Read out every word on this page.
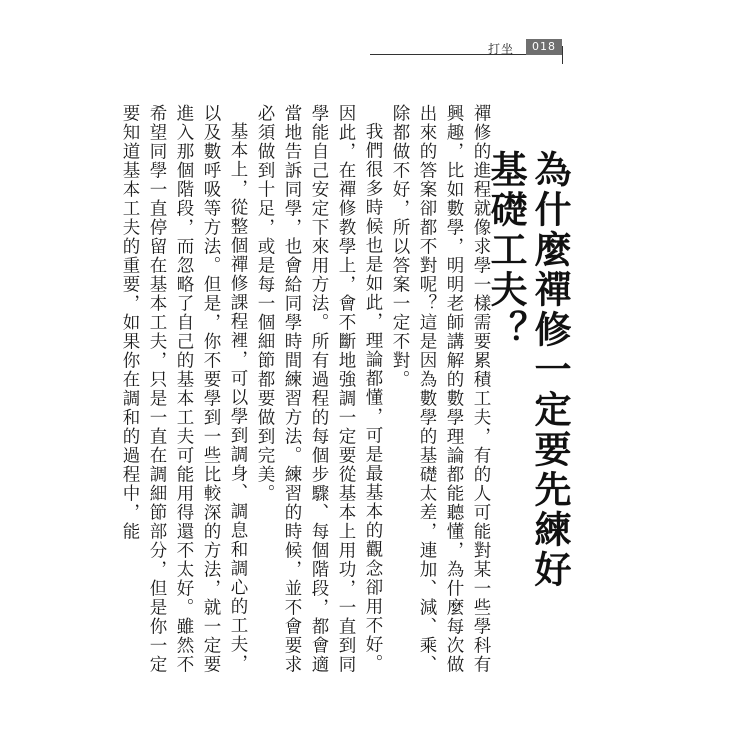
打坐	018
為什麼禪修一定要先練好基礎工夫？

禪修的進程就像求學一樣需要累積工夫，有的人可能對某一些學科有興趣，比如數學，明明老師講解的數學理論都能聽懂，為什麼每次做出來的答案卻都不對呢？這是因為數學的基礎太差，連加、減、乘、除都做不好，所以答案一定不對。

我們很多時候也是如此，理論都懂，可是最基本的觀念卻用不好。因此，在禪修教學上，會不斷地強調一定要從基本上用功，一直到同學能自己安定下來用方法。所有過程的每個步驟、每個階段，都會適當地告訴同學，也會給同學時間練習方法。練習的時候，並不會要求必須做到十足，或是每一個細節都要做到完美。

基本上，從整個禪修課程裡，可以學到調身、調息和調心的工夫，以及數呼吸等方法。但是，你不要學到一些比較深的方法，就一定要進入那個階段，而忽略了自己的基本工夫可能用得還不太好。雖然不希望同學一直停留在基本工夫，只是一直在調細節部分，但是你一定要知道基本工夫的重要，如果你在調和的過程中，能
